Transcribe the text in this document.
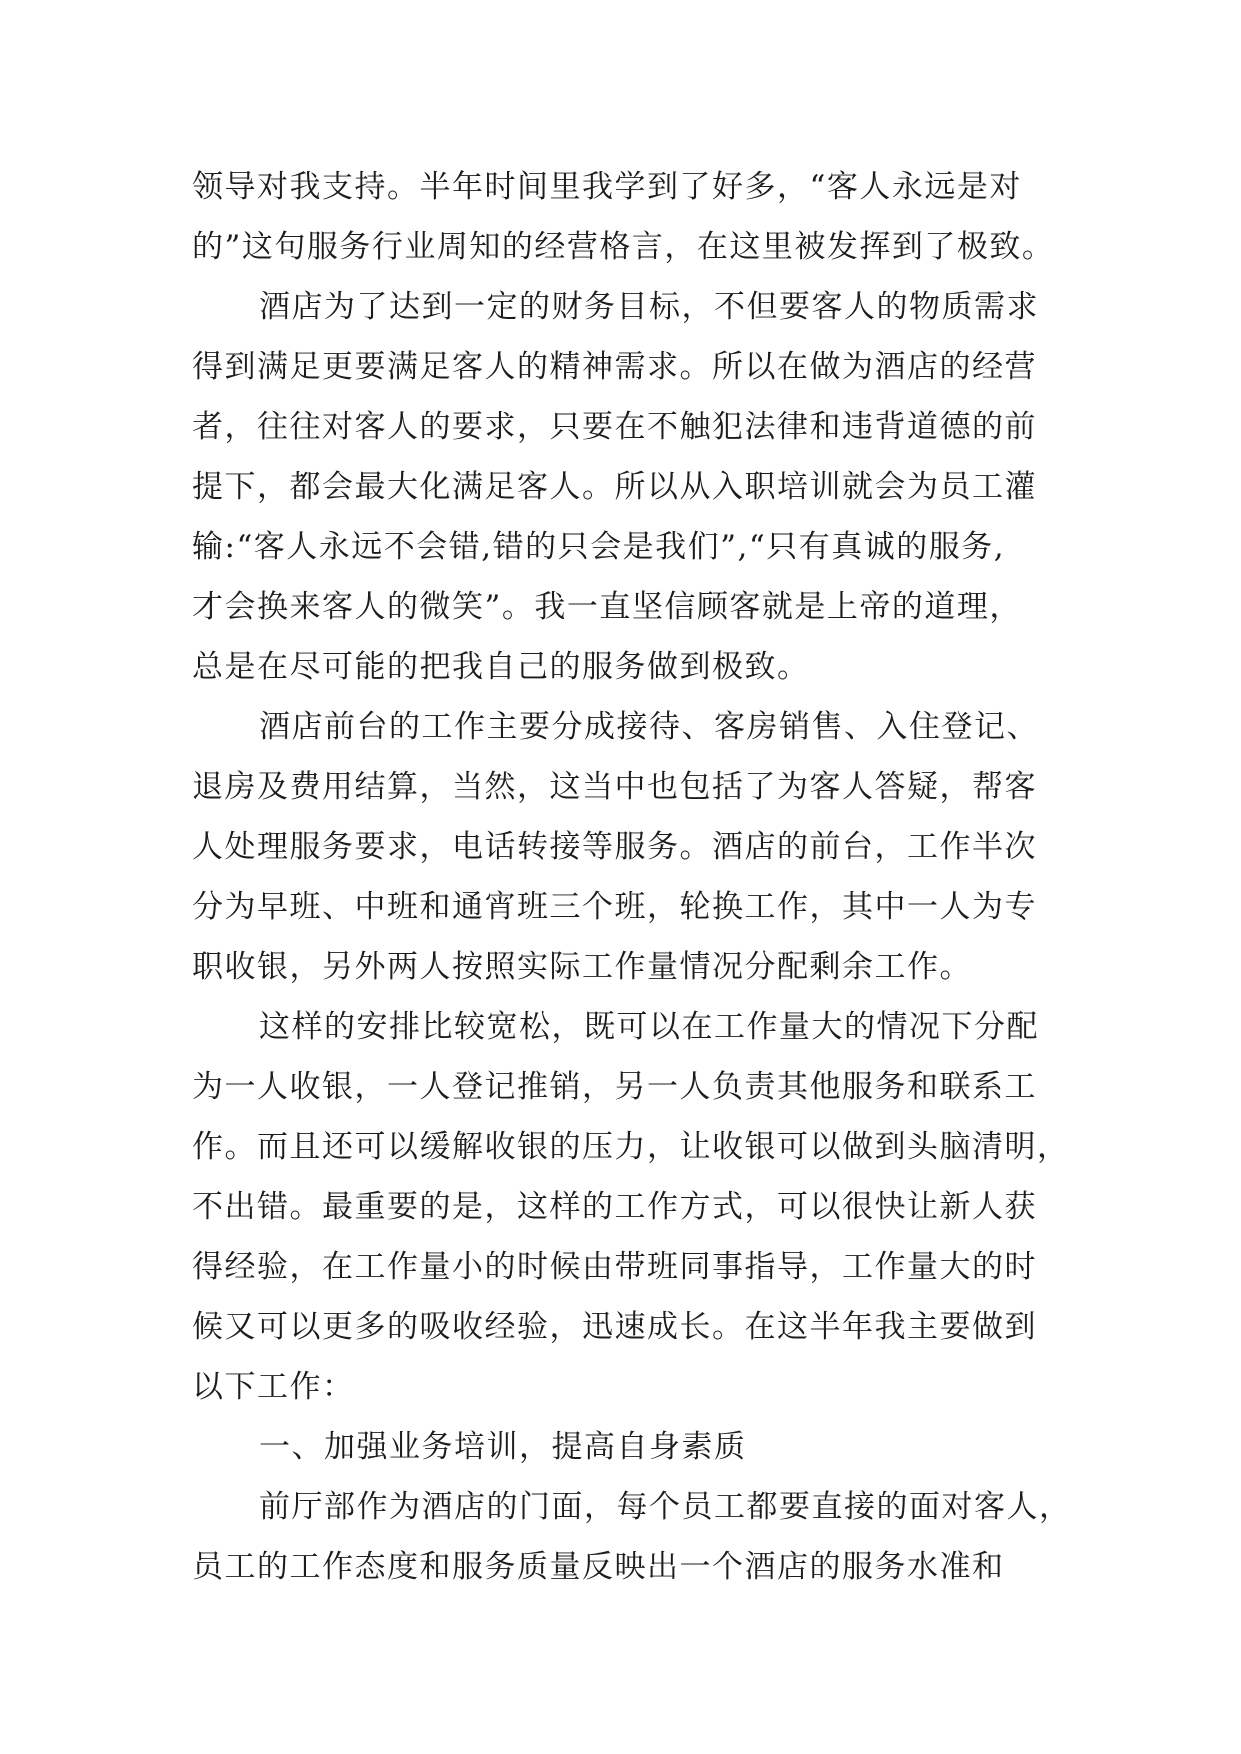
领导对我支持。半年时间里我学到了好多，“客人永远是对
的”这句服务行业周知的经营格言，在这里被发挥到了极致。
酒店为了达到一定的财务目标，不但要客人的物质需求
得到满足更要满足客人的精神需求。所以在做为酒店的经营
者，往往对客人的要求，只要在不触犯法律和违背道德的前
提下，都会最大化满足客人。所以从入职培训就会为员工灌
输:“客人永远不会错,错的只会是我们”,“只有真诚的服务,
才会换来客人的微笑”。我一直坚信顾客就是上帝的道理，
总是在尽可能的把我自己的服务做到极致。
酒店前台的工作主要分成接待、客房销售、入住登记、
退房及费用结算，当然，这当中也包括了为客人答疑，帮客
人处理服务要求，电话转接等服务。酒店的前台，工作半次
分为早班、中班和通宵班三个班，轮换工作，其中一人为专
职收银，另外两人按照实际工作量情况分配剩余工作。
这样的安排比较宽松，既可以在工作量大的情况下分配
为一人收银，一人登记推销，另一人负责其他服务和联系工
作。而且还可以缓解收银的压力，让收银可以做到头脑清明，
不出错。最重要的是，这样的工作方式，可以很快让新人获
得经验，在工作量小的时候由带班同事指导，工作量大的时
候又可以更多的吸收经验，迅速成长。在这半年我主要做到
以下工作：
一、加强业务培训，提高自身素质
前厅部作为酒店的门面，每个员工都要直接的面对客人，
员工的工作态度和服务质量反映出一个酒店的服务水准和
